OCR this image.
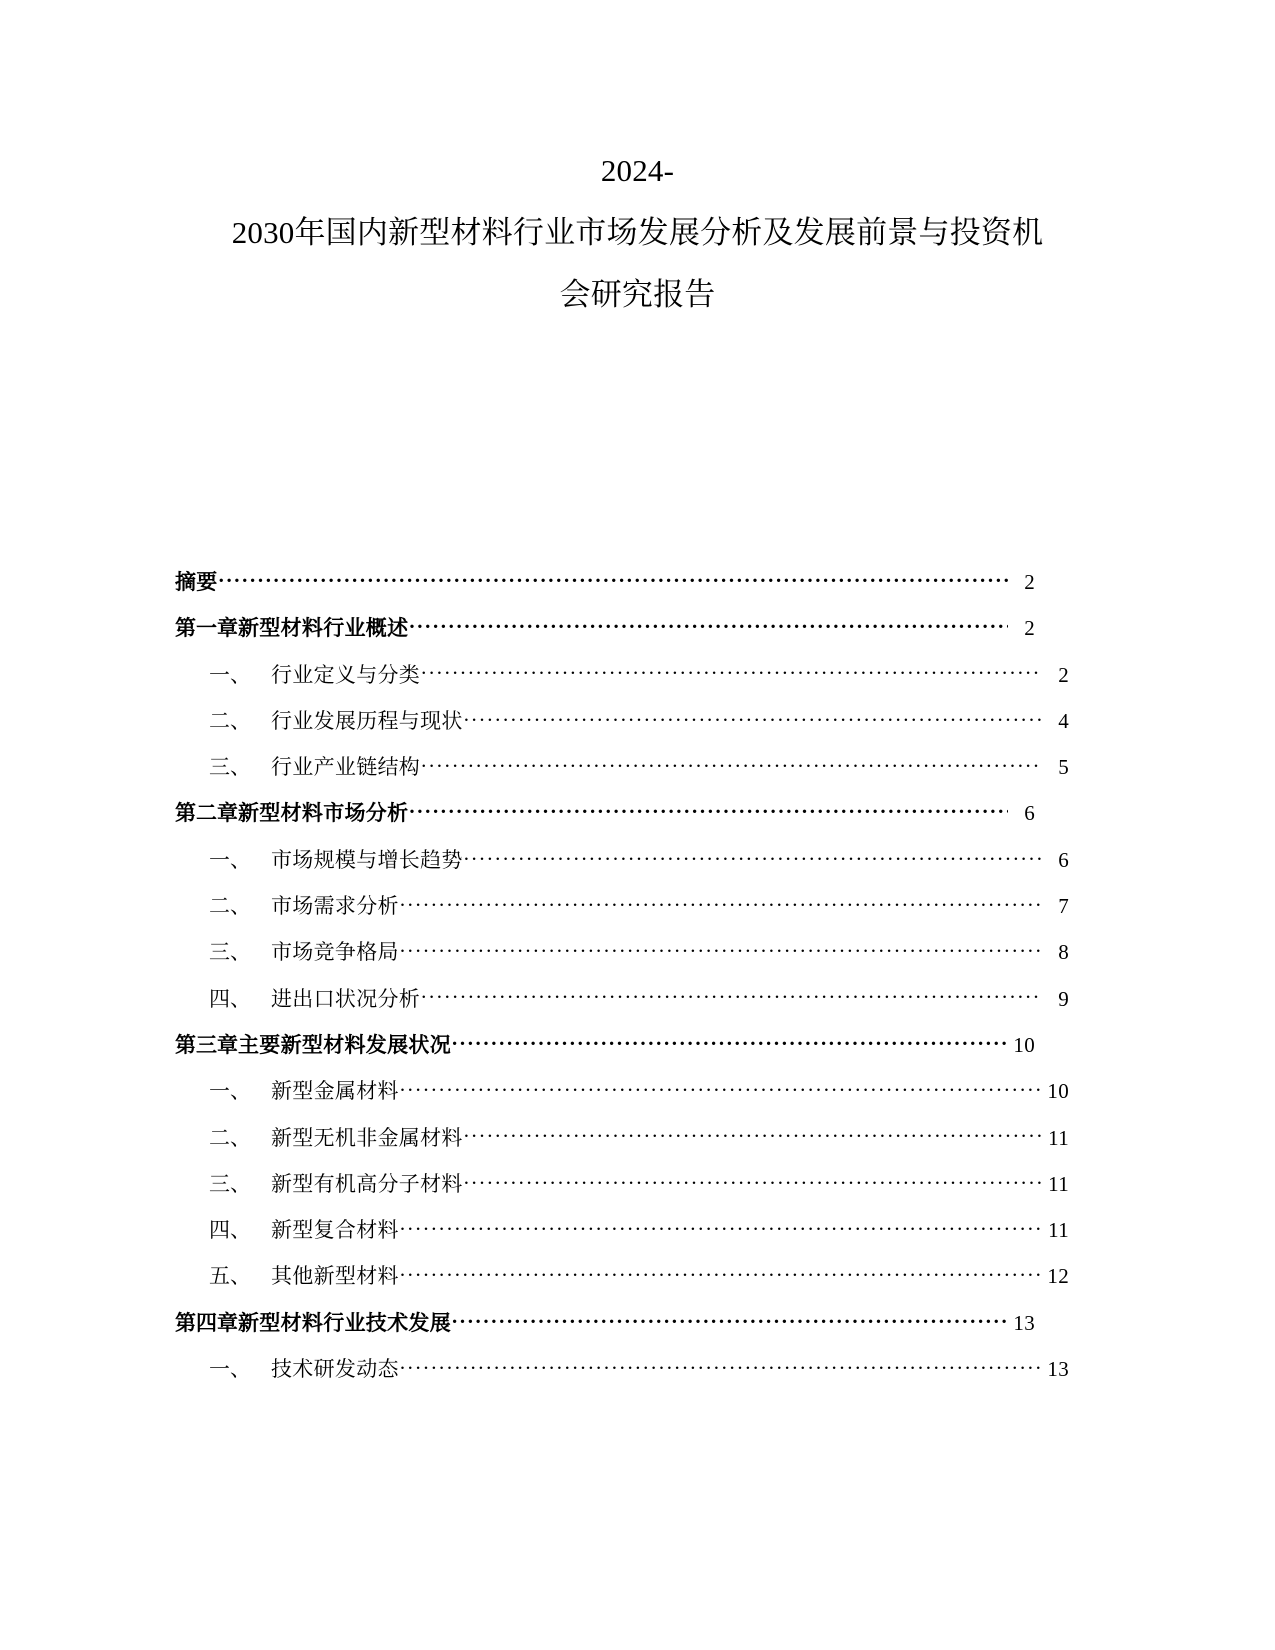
2024-
2030年国内新型材料行业市场发展分析及发展前景与投资机
会研究报告
摘要 .....	2
第一章 新型材料行业概述 .....	2
一、 行业定义与分类 .....	2
二、 行业发展历程与现状 .....	4
三、 行业产业链结构 .....	5
第二章 新型材料市场分析 .....	6
一、 市场规模与增长趋势 .....	6
二、 市场需求分析 .....	7
三、 市场竞争格局 .....	8
四、 进出口状况分析 .....	9
第三章 主要新型材料发展状况 .....	10
一、 新型金属材料 .....	10
二、 新型无机非金属材料 .....	11
三、 新型有机高分子材料 .....	11
四、 新型复合材料 .....	11
五、 其他新型材料 .....	12
第四章 新型材料行业技术发展 .....	13
一、 技术研发动态 .....	13
